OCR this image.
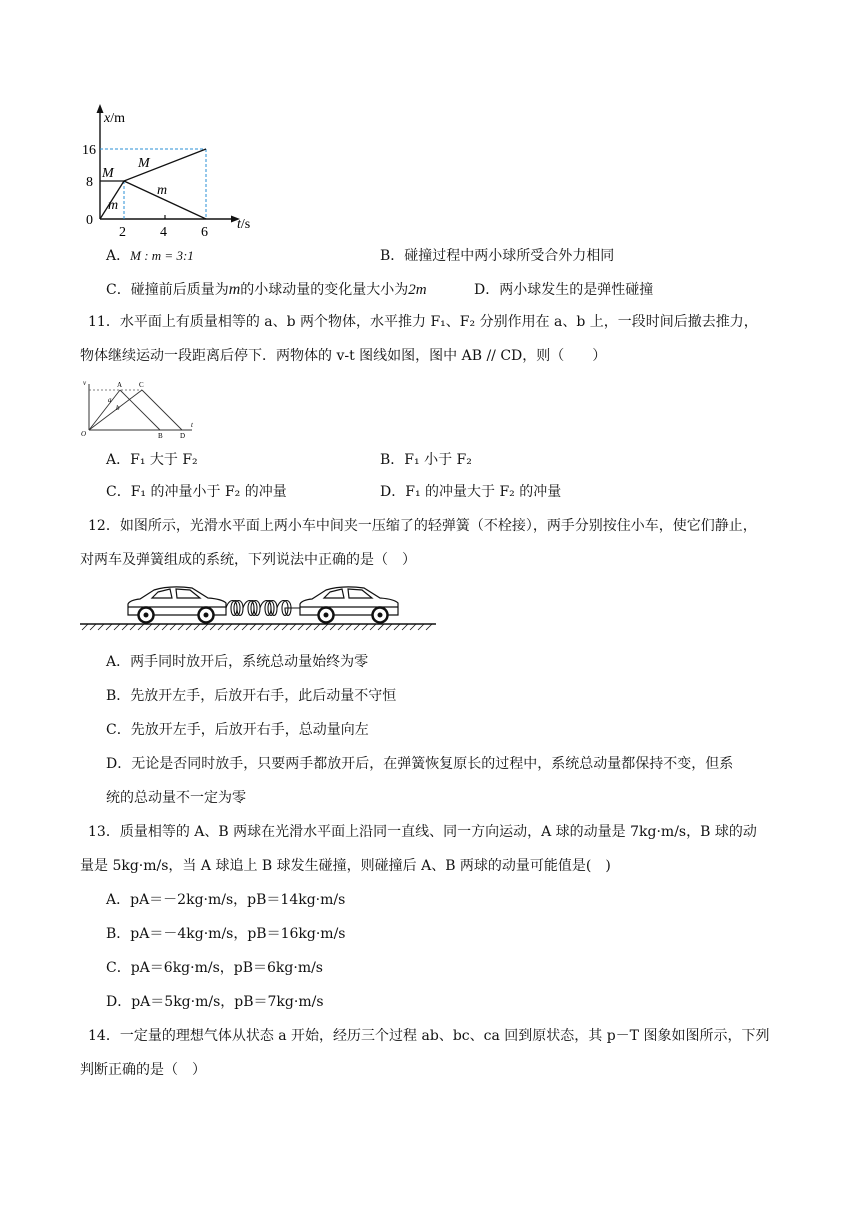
x/m
16
8
0
2 4 6
t/s
M
M
m
m
A．M : m = 3:1	B．碰撞过程中两小球所受合外力相同
C．碰撞前后质量为m的小球动量的变化量大小为2m	D．两小球发生的是弹性碰撞
11．水平面上有质量相等的 a、b 两个物体，水平推力 F₁、F₂ 分别作用在 a、b 上，一段时间后撤去推力，
物体继续运动一段距离后停下．两物体的 v-t 图线如图，图中 AB // CD，则（　　）
v	A C
a
b
O	B D
t
A．F₁ 大于 F₂	B．F₁ 小于 F₂
C．F₁ 的冲量小于 F₂ 的冲量	D．F₁ 的冲量大于 F₂ 的冲量
12．如图所示，光滑水平面上两小车中间夹一压缩了的轻弹簧（不栓接），两手分别按住小车，使它们静止，
对两车及弹簧组成的系统，下列说法中正确的是（　）
A．两手同时放开后，系统总动量始终为零
B．先放开左手，后放开右手，此后动量不守恒
C．先放开左手，后放开右手，总动量向左
D．无论是否同时放手，只要两手都放开后，在弹簧恢复原长的过程中，系统总动量都保持不变，但系
统的总动量不一定为零
13．质量相等的 A、B 两球在光滑水平面上沿同一直线、同一方向运动，A 球的动量是 7kg·m/s，B 球的动
量是 5kg·m/s，当 A 球追上 B 球发生碰撞，则碰撞后 A、B 两球的动量可能值是(　)
A．pA＝－2kg·m/s，pB＝14kg·m/s
B．pA＝－4kg·m/s，pB＝16kg·m/s
C．pA＝6kg·m/s，pB＝6kg·m/s
D．pA＝5kg·m/s，pB＝7kg·m/s
14．一定量的理想气体从状态 a 开始，经历三个过程 ab、bc、ca 回到原状态，其 p－T 图象如图所示，下列
判断正确的是（　）
